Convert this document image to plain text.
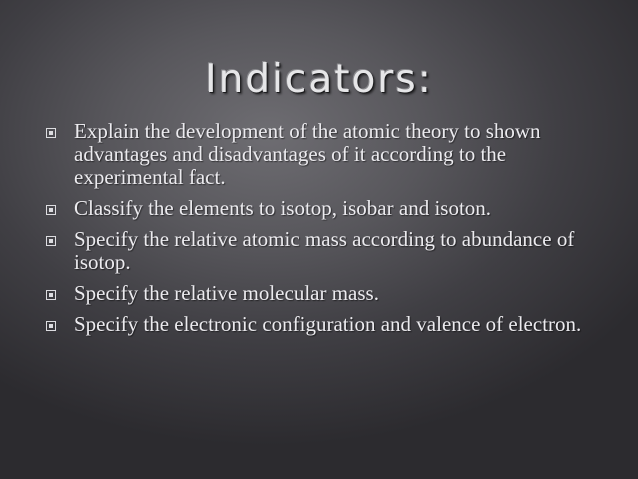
Indicators:
Explain the development of the atomic theory to shown advantages and disadvantages of it according to the experimental fact.
Classify the elements to isotop, isobar and isoton.
Specify the relative atomic mass according to abundance of isotop.
Specify the relative molecular mass.
Specify the electronic configuration and valence of electron.
